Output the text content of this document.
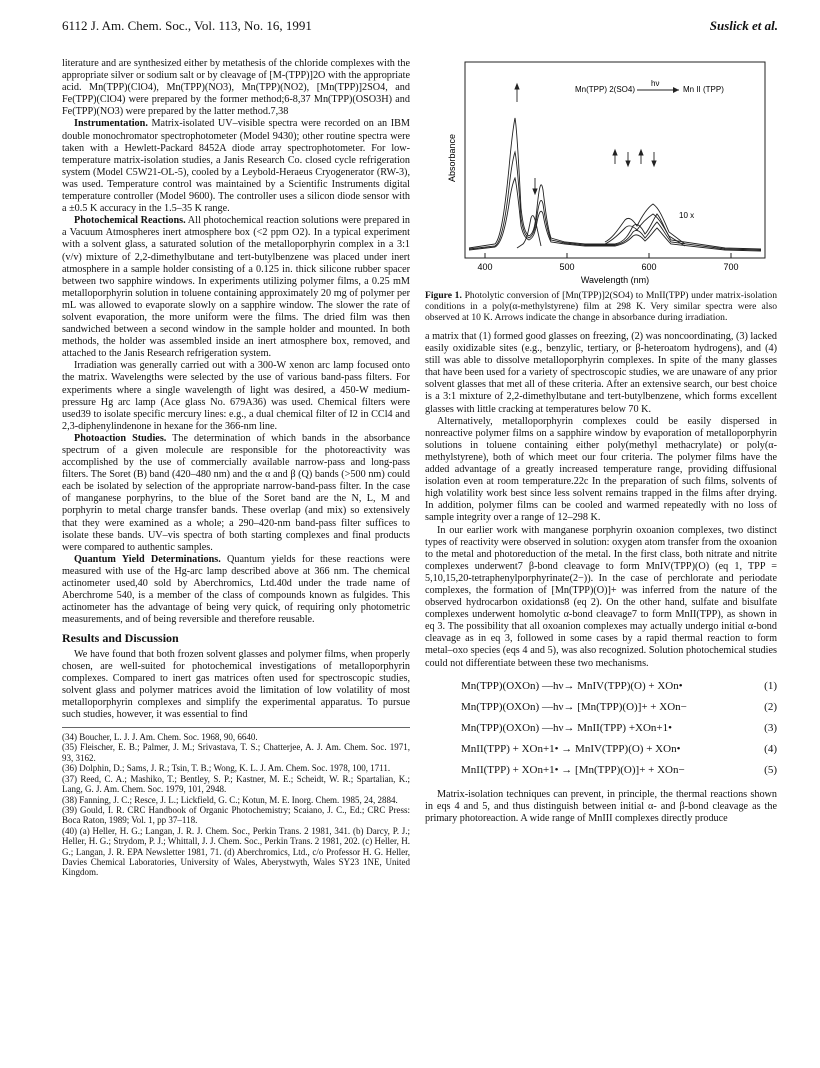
6112 J. Am. Chem. Soc., Vol. 113, No. 16, 1991	Suslick et al.

literature and are synthesized either by metathesis of the chloride complexes with the appropriate silver or sodium salt or by cleavage of [M-(TPP)]2O with the appropriate acid. Mn(TPP)(ClO4), Mn(TPP)(NO3), Mn(TPP)(NO2), [Mn(TPP)]2SO4, and Fe(TPP)(ClO4) were prepared by the former method;6-8,37 Mn(TPP)(OSO3H) and Fe(TPP)(NO3) were prepared by the latter method.7,38

Instrumentation. Matrix-isolated UV–visible spectra were recorded on an IBM double monochromator spectrophotometer (Model 9430); other routine spectra were taken with a Hewlett-Packard 8452A diode array spectrophotometer. For low-temperature matrix-isolation studies, a Janis Research Co. closed cycle refrigeration system (Model C5W21-OL-5), cooled by a Leybold-Heraeus Cryogenerator (RW-3), was used. Temperature control was maintained by a Scientific Instruments digital temperature controller (Model 9600). The controller uses a silicon diode sensor with a ±0.5 K accuracy in the 1.5–35 K range.

Photochemical Reactions. All photochemical reaction solutions were prepared in a Vacuum Atmospheres inert atmosphere box (<2 ppm O2). In a typical experiment with a solvent glass, a saturated solution of the metalloporphyrin complex in a 3:1 (v/v) mixture of 2,2-dimethylbutane and tert-butylbenzene was placed under inert atmosphere in a sample holder consisting of a 0.125 in. thick silicone rubber spacer between two sapphire windows. In experiments utilizing polymer films, a 0.25 mM metalloporphyrin solution in toluene containing approximately 20 mg of polymer per mL was allowed to evaporate slowly on a sapphire window. The slower the rate of solvent evaporation, the more uniform were the films. The dried film was then sandwiched between a second window in the sample holder and mounted. In both methods, the holder was assembled inside an inert atmosphere box, removed, and attached to the Janis Research refrigeration system.

Irradiation was generally carried out with a 300-W xenon arc lamp focused onto the matrix. Wavelengths were selected by the use of various band-pass filters. For experiments where a single wavelength of light was desired, a 450-W medium-pressure Hg arc lamp (Ace glass No. 679A36) was used. Chemical filters were used39 to isolate specific mercury lines: e.g., a dual chemical filter of I2 in CCl4 and 2,3-diphenylindenone in hexane for the 366-nm line.

Photoaction Studies. The determination of which bands in the absorbance spectrum of a given molecule are responsible for the photoreactivity was accomplished by the use of commercially available narrow-pass and long-pass filters. The Soret (B) band (420–480 nm) and the α and β (Q) bands (>500 nm) could each be isolated by selection of the appropriate narrow-band-pass filter. In the case of manganese porphyrins, to the blue of the Soret band are the N, L, M and porphyrin to metal charge transfer bands. These overlap (and mix) so extensively that they were examined as a whole; a 290–420-nm band-pass filter suffices to isolate these bands. UV–vis spectra of both starting complexes and final products were compared to authentic samples.

Quantum Yield Determinations. Quantum yields for these reactions were measured with use of the Hg-arc lamp described above at 366 nm. The chemical actinometer used,40 sold by Aberchromics, Ltd.40d under the trade name of Aberchrome 540, is a member of the class of compounds known as fulgides. This actinometer has the advantage of being very quick, of requiring only photometric measurements, and of being reversible and therefore reusable.

Results and Discussion

We have found that both frozen solvent glasses and polymer films, when properly chosen, are well-suited for photochemical investigations of metalloporphyrin complexes. Compared to inert gas matrices often used for spectroscopic studies, solvent glass and polymer matrices avoid the limitation of low volatility of most metalloporphyrin complexes and simplify the experimental apparatus. To pursue such studies, however, it was essential to find

(34) Boucher, L. J. J. Am. Chem. Soc. 1968, 90, 6640.
(35) Fleischer, E. B.; Palmer, J. M.; Srivastava, T. S.; Chatterjee, A. J. Am. Chem. Soc. 1971, 93, 3162.
(36) Dolphin, D.; Sams, J. R.; Tsin, T. B.; Wong, K. L. J. Am. Chem. Soc. 1978, 100, 1711.
(37) Reed, C. A.; Mashiko, T.; Bentley, S. P.; Kastner, M. E.; Scheidt, W. R.; Spartalian, K.; Lang, G. J. Am. Chem. Soc. 1979, 101, 2948.
(38) Fanning, J. C.; Resce, J. L.; Lickfield, G. C.; Kotun, M. E. Inorg. Chem. 1985, 24, 2884.
(39) Gould, I. R. CRC Handbook of Organic Photochemistry; Scaiano, J. C., Ed.; CRC Press: Boca Raton, 1989; Vol. 1, pp 37–118.
(40) (a) Heller, H. G.; Langan, J. R. J. Chem. Soc., Perkin Trans. 2 1981, 341. (b) Darcy, P. J.; Heller, H. G.; Strydom, P. J.; Whittall, J. J. Chem. Soc., Perkin Trans. 2 1981, 202. (c) Heller, H. G.; Langan, J. R. EPA Newsletter 1981, 71. (d) Aberchromics, Ltd., c/o Professor H. G. Heller, Davies Chemical Laboratories, University of Wales, Aberystwyth, Wales SY23 1NE, United Kingdom.
400	500	600	700
Wavelength (nm)
Absorbance
Mn(TPP) 2(SO4)
hν
Mn II (TPP)
10 x
Figure 1. Photolytic conversion of [Mn(TPP)]2(SO4) to MnII(TPP) under matrix-isolation conditions in a poly(α-methylstyrene) film at 298 K. Very similar spectra were also observed at 10 K. Arrows indicate the change in absorbance during irradiation.

a matrix that (1) formed good glasses on freezing, (2) was noncoordinating, (3) lacked easily oxidizable sites (e.g., benzylic, tertiary, or β-heteroatom hydrogens), and (4) still was able to dissolve metalloporphyrin complexes. In spite of the many glasses that have been used for a variety of spectroscopic studies, we are unaware of any prior solvent glasses that met all of these criteria. After an extensive search, our best choice is a 3:1 mixture of 2,2-dimethylbutane and tert-butylbenzene, which forms excellent glasses with little cracking at temperatures below 70 K.

Alternatively, metalloporphyrin complexes could be easily dispersed in nonreactive polymer films on a sapphire window by evaporation of metalloporphyrin solutions in toluene containing either poly(methyl methacrylate) or poly(α-methylstyrene), both of which meet our four criteria. The polymer films have the added advantage of a greatly increased temperature range, providing diffusional isolation even at room temperature.22c In the preparation of such films, solvents of high volatility work best since less solvent remains trapped in the films after drying. In addition, polymer films can be cooled and warmed repeatedly with no loss of sample integrity over a range of 12–298 K.

In our earlier work with manganese porphyrin oxoanion complexes, two distinct types of reactivity were observed in solution: oxygen atom transfer from the oxoanion to the metal and photoreduction of the metal. In the first class, both nitrate and nitrite complexes underwent7 β-bond cleavage to form MnIV(TPP)(O) (eq 1, TPP = 5,10,15,20-tetraphenylporphyrinate(2−)). In the case of perchlorate and periodate complexes, the formation of [Mn(TPP)(O)]+ was inferred from the nature of the observed hydrocarbon oxidations8 (eq 2). On the other hand, sulfate and bisulfate complexes underwent homolytic α-bond cleavage7 to form MnII(TPP), as shown in eq 3. The possibility that all oxoanion complexes may actually undergo initial α-bond cleavage as in eq 3, followed in some cases by a rapid thermal reaction to form metal–oxo species (eqs 4 and 5), was also recognized. Solution photochemical studies could not differentiate between these two mechanisms.

Mn(TPP)(OXOn) —hν→ MnIV(TPP)(O) + XOn•	(1)
Mn(TPP)(OXOn) —hν→ [Mn(TPP)(O)]+ + XOn−	(2)
Mn(TPP)(OXOn) —hν→ MnII(TPP) +XOn+1•	(3)
MnII(TPP) + XOn+1• → MnIV(TPP)(O) + XOn•	(4)
MnII(TPP) + XOn+1• → [Mn(TPP)(O)]+ + XOn−	(5)

Matrix-isolation techniques can prevent, in principle, the thermal reactions shown in eqs 4 and 5, and thus distinguish between initial α- and β-bond cleavage as the primary photoreaction. A wide range of MnIII complexes directly produce
